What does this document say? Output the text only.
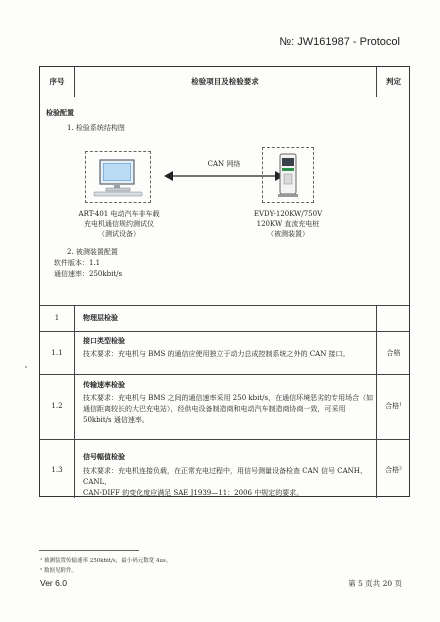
№: JW161987 - Protocol
序号	检验项目及检验要求	判定
检验配置
1. 检验系统结构图
ART-401 电动汽车非车载
充电机通信规约测试仪
（测试设备）
CAN 网络
EVDY-120KW/750V
120KW 直流充电桩
（被测装置）
2. 被测装置配置
软件版本：1.1
通信速率：250kbit/s
1	物理层检验
1.1
接口类型检验
技术要求：充电机与 BMS 的通信应使用独立于动力总成控制系统之外的 CAN 接口。	合格
1.2
传输速率检验
技术要求：充电机与 BMS 之间的通信速率采用 250 kbit/s，在通信环境恶劣的专用场合（如
通信距离较长的大巴充电站），经供电设备制造商和电动汽车制造商协商一致，可采用
50kbit/s 通信速率。
合格¹
1.3
信号幅值检验
技术要求：充电机连接负载，在正常充电过程中，用信号测量设备检查 CAN 信号 CANH、CANL、
CAN-DIFF 的变化度应满足 SAE J1939—11：2006 中规定的要求。
合格²
¹ 被测装置传输速率 250kbit/s，最小码元数宽 4us。
² 数据见附件。
Ver 6.0	第 5 页共 20 页
